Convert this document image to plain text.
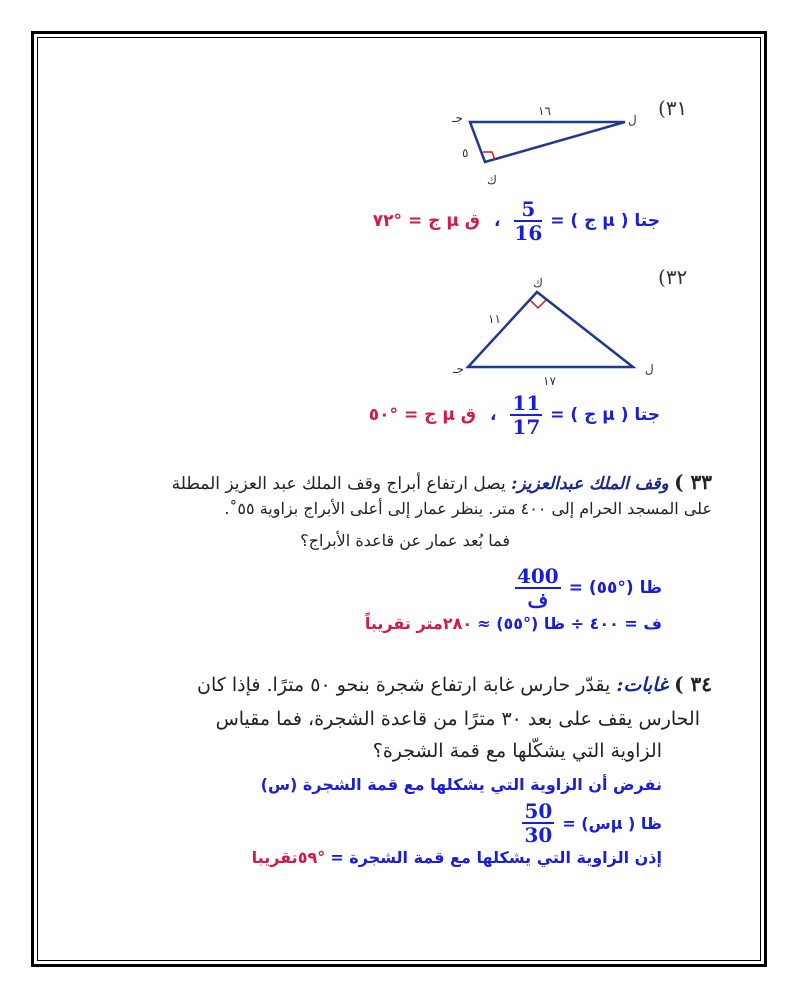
(٣١
ل
جـ
ك
١٦
٥
جتا ( µ ج ) =
$\frac{5}{16}$
،
ق µ ج = °٧٢
(٣٢
ك
جـ	ل
١١
١٧
جتا ( µ ج ) =
$\frac{11}{17}$
،
ق µ ج = °٥٠
٣٣ ) وقف الملك عبدالعزيز: يصل ارتفاع أبراج وقف الملك عبد العزيز المطلة
على المسجد الحرام إلى ٤٠٠ متر. ينظر عمار إلى أعلى الأبراج بزاوية ٥٥˚.
فما بُعد عمار عن قاعدة الأبراج؟
ظا (°٥٥) =
$\frac{400}{\text{ف}}$
ف = ٤٠٠ ÷ ظا (°٥٥) ≈ ٢٨٠متر تقريباً
٣٤ ) غابات: يقدّر حارس غابة ارتفاع شجرة بنحو ٥٠ مترًا. فإذا كان
الحارس يقف على بعد ٣٠ مترًا من قاعدة الشجرة، فما مقياس
الزاوية التي يشكّلها مع قمة الشجرة؟
نفرض أن الزاوية التي يشكلها مع قمة الشجرة (س)
ظا ( µس) =
$\frac{50}{30}$
إذن الزاوية التي يشكلها مع قمة الشجرة = °٥٩تقريبا
